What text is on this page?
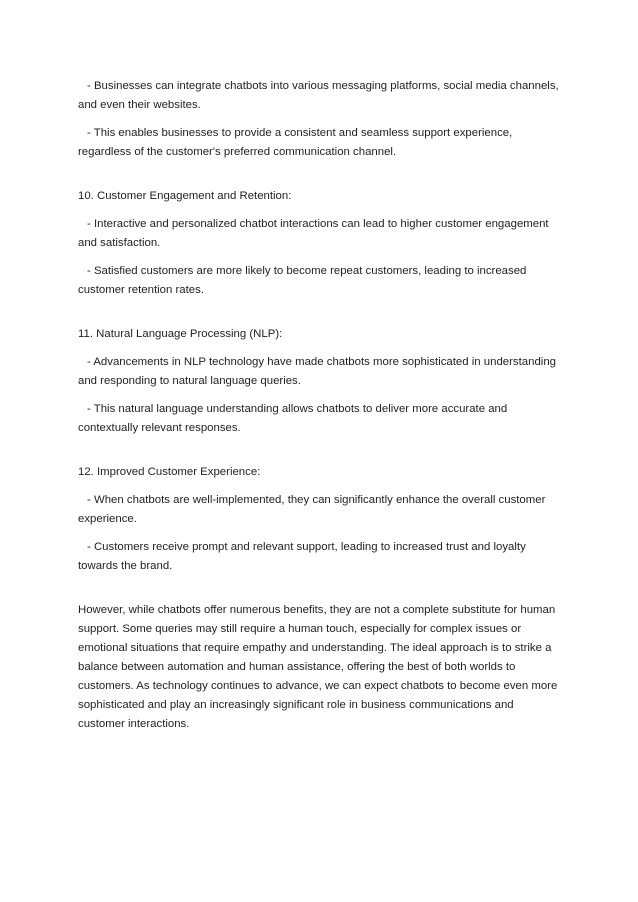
- Businesses can integrate chatbots into various messaging platforms, social media channels, and even their websites.

- This enables businesses to provide a consistent and seamless support experience, regardless of the customer's preferred communication channel.

10. Customer Engagement and Retention:

- Interactive and personalized chatbot interactions can lead to higher customer engagement and satisfaction.

- Satisfied customers are more likely to become repeat customers, leading to increased customer retention rates.

11. Natural Language Processing (NLP):

- Advancements in NLP technology have made chatbots more sophisticated in understanding and responding to natural language queries.

- This natural language understanding allows chatbots to deliver more accurate and contextually relevant responses.

12. Improved Customer Experience:

- When chatbots are well-implemented, they can significantly enhance the overall customer experience.

- Customers receive prompt and relevant support, leading to increased trust and loyalty towards the brand.

However, while chatbots offer numerous benefits, they are not a complete substitute for human support. Some queries may still require a human touch, especially for complex issues or emotional situations that require empathy and understanding. The ideal approach is to strike a balance between automation and human assistance, offering the best of both worlds to customers. As technology continues to advance, we can expect chatbots to become even more sophisticated and play an increasingly significant role in business communications and customer interactions.
